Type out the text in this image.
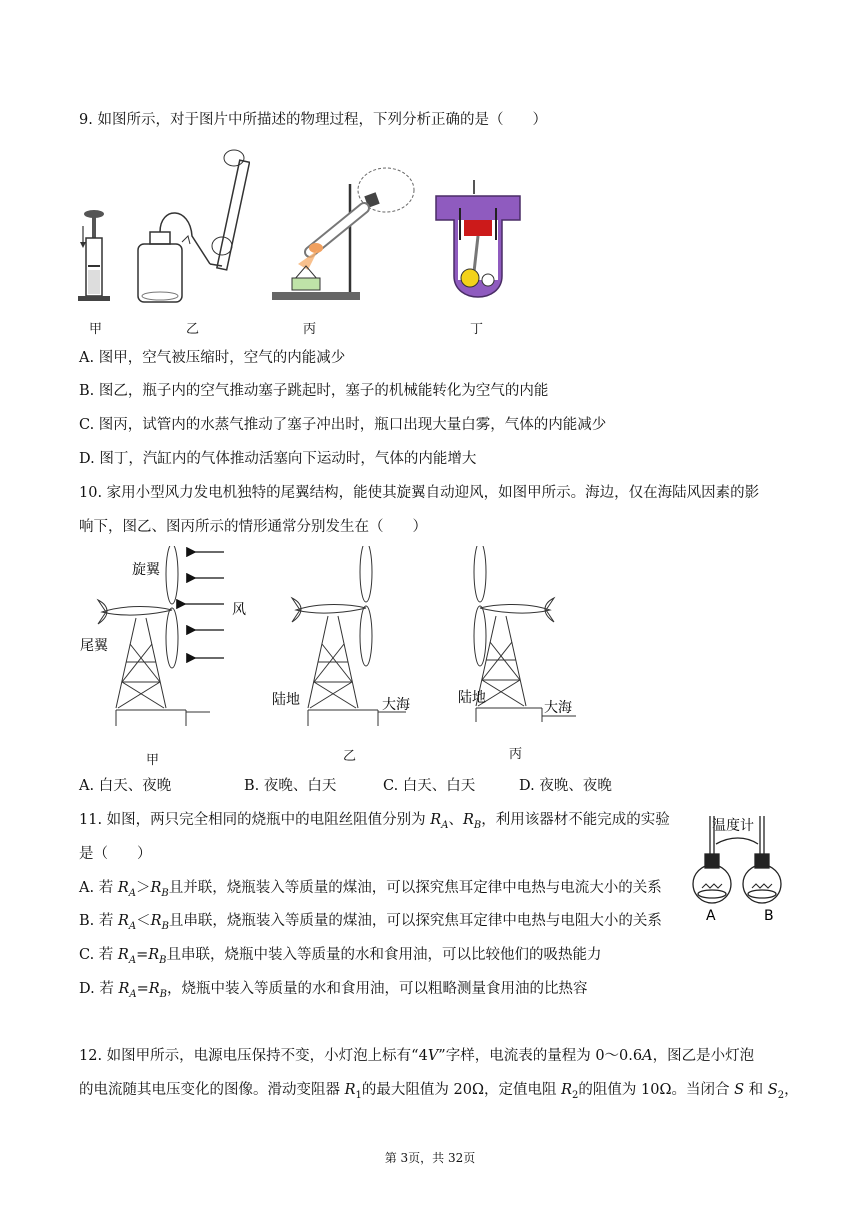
9. 如图所示，对于图片中所描述的物理过程，下列分析正确的是（　　）
甲	乙	丙	丁
A. 图甲，空气被压缩时，空气的内能减少
B. 图乙，瓶子内的空气推动塞子跳起时，塞子的机械能转化为空气的内能
C. 图丙，试管内的水蒸气推动了塞子冲出时，瓶口出现大量白雾，气体的内能减少
D. 图丁，汽缸内的气体推动活塞向下运动时，气体的内能增大
10. 家用小型风力发电机独特的尾翼结构，能使其旋翼自动迎风，如图甲所示。海边，仅在海陆风因素的影
响下，图乙、图丙所示的情形通常分别发生在（　　）
旋翼
尾翼
风
陆地	大海	陆地
大海
甲	乙	丙
A. 白天、夜晚	B. 夜晚、白天	C. 白天、白天	D. 夜晚、夜晚
11. 如图，两只完全相同的烧瓶中的电阻丝阻值分别为 $R_A$、$R_B$，利用该器材不能完成的实验
是（　　）
A. 若 $R_A>R_B$且并联，烧瓶装入等质量的煤油，可以探究焦耳定律中电热与电流大小的关系
B. 若 $R_A<R_B$且串联，烧瓶装入等质量的煤油，可以探究焦耳定律中电热与电阻大小的关系
C. 若 $R_A=R_B$且串联，烧瓶中装入等质量的水和食用油，可以比较他们的吸热能力
D. 若 $R_A=R_B$，烧瓶中装入等质量的水和食用油，可以粗略测量食用油的比热容
温度计
A	B
12. 如图甲所示，电源电压保持不变，小灯泡上标有“4V”字样，电流表的量程为 0～0.6A，图乙是小灯泡
的电流随其电压变化的图像。滑动变阻器 $R_1$的最大阻值为 20Ω，定值电阻 $R_2$的阻值为 10Ω。当闭合 S 和 $S_2$，
第 3页，共 32页
